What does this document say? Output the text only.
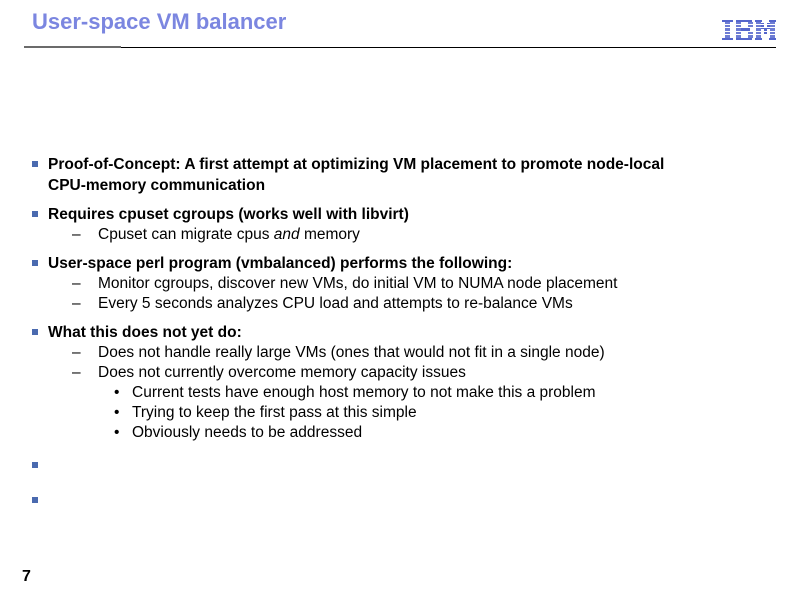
User-space VM balancer
Proof-of-Concept: A first attempt at optimizing VM placement to promote node-local
CPU-memory communication
Requires cpuset cgroups (works well with libvirt)
– Cpuset can migrate cpus and memory
User-space perl program (vmbalanced) performs the following:
– Monitor cgroups, discover new VMs, do initial VM to NUMA node placement
– Every 5 seconds analyzes CPU load and attempts to re-balance VMs
What this does not yet do:
– Does not handle really large VMs (ones that would not fit in a single node)
– Does not currently overcome memory capacity issues
• Current tests have enough host memory to not make this a problem
• Trying to keep the first pass at this simple
• Obviously needs to be addressed
7
